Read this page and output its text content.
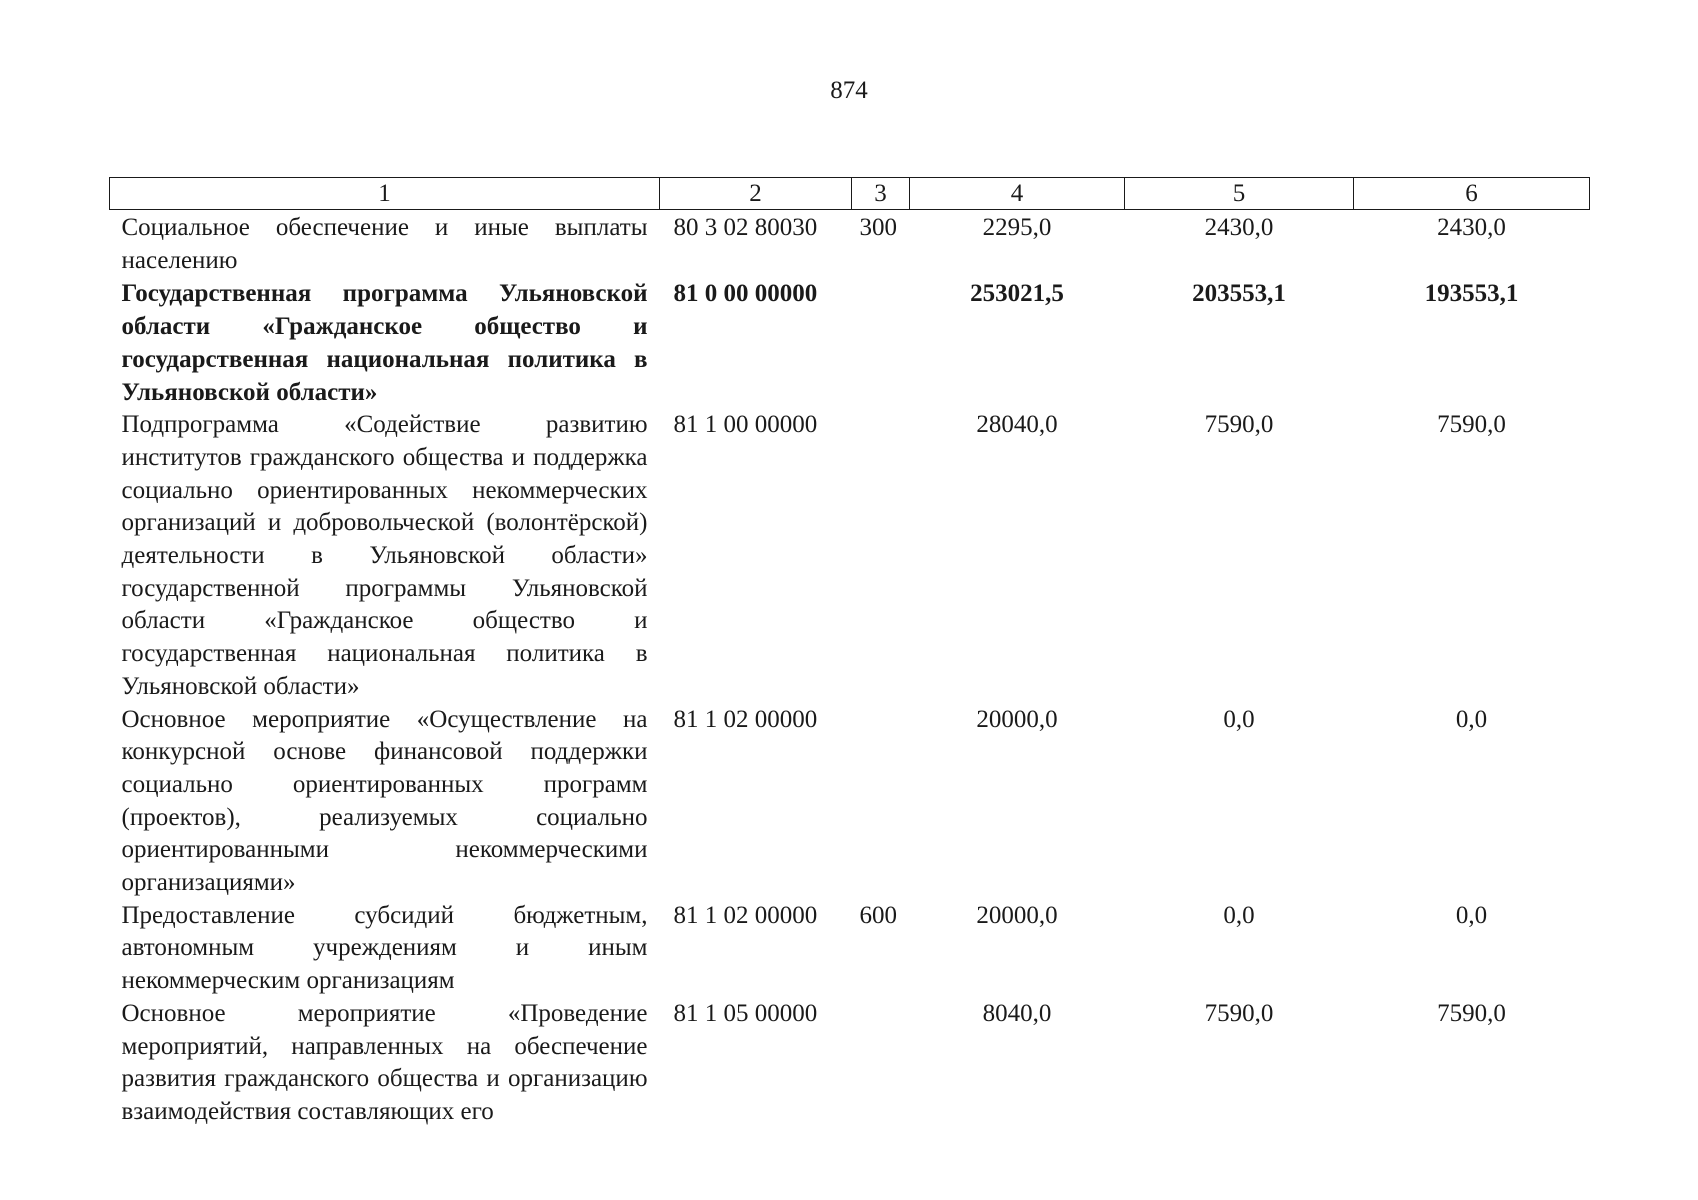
874
1	2	3	4	5	6
Социальное обеспечение и иные выплаты населению	80 3 02 80030	300	2295,0	2430,0	2430,0
Государственная программа Ульяновской области «Гражданское общество и государственная национальная политика в Ульяновской области»	81 0 00 00000		253021,5	203553,1	193553,1
Подпрограмма «Содействие развитию институтов гражданского общества и поддержка социально ориентированных некоммерческих организаций и добровольческой (волонтёрской) деятельности в Ульяновской области» государственной программы Ульяновской области «Гражданское общество и государственная национальная политика в Ульяновской области»	81 1 00 00000		28040,0	7590,0	7590,0
Основное мероприятие «Осуществление на конкурсной основе финансовой поддержки социально ориентированных программ (проектов), реализуемых социально ориентированными некоммерческими организациями»	81 1 02 00000		20000,0	0,0	0,0
Предоставление субсидий бюджетным, автономным учреждениям и иным некоммерческим организациям	81 1 02 00000	600	20000,0	0,0	0,0
Основное мероприятие «Проведение мероприятий, направленных на обеспечение развития гражданского общества и организацию взаимодействия составляющих его	81 1 05 00000		8040,0	7590,0	7590,0
